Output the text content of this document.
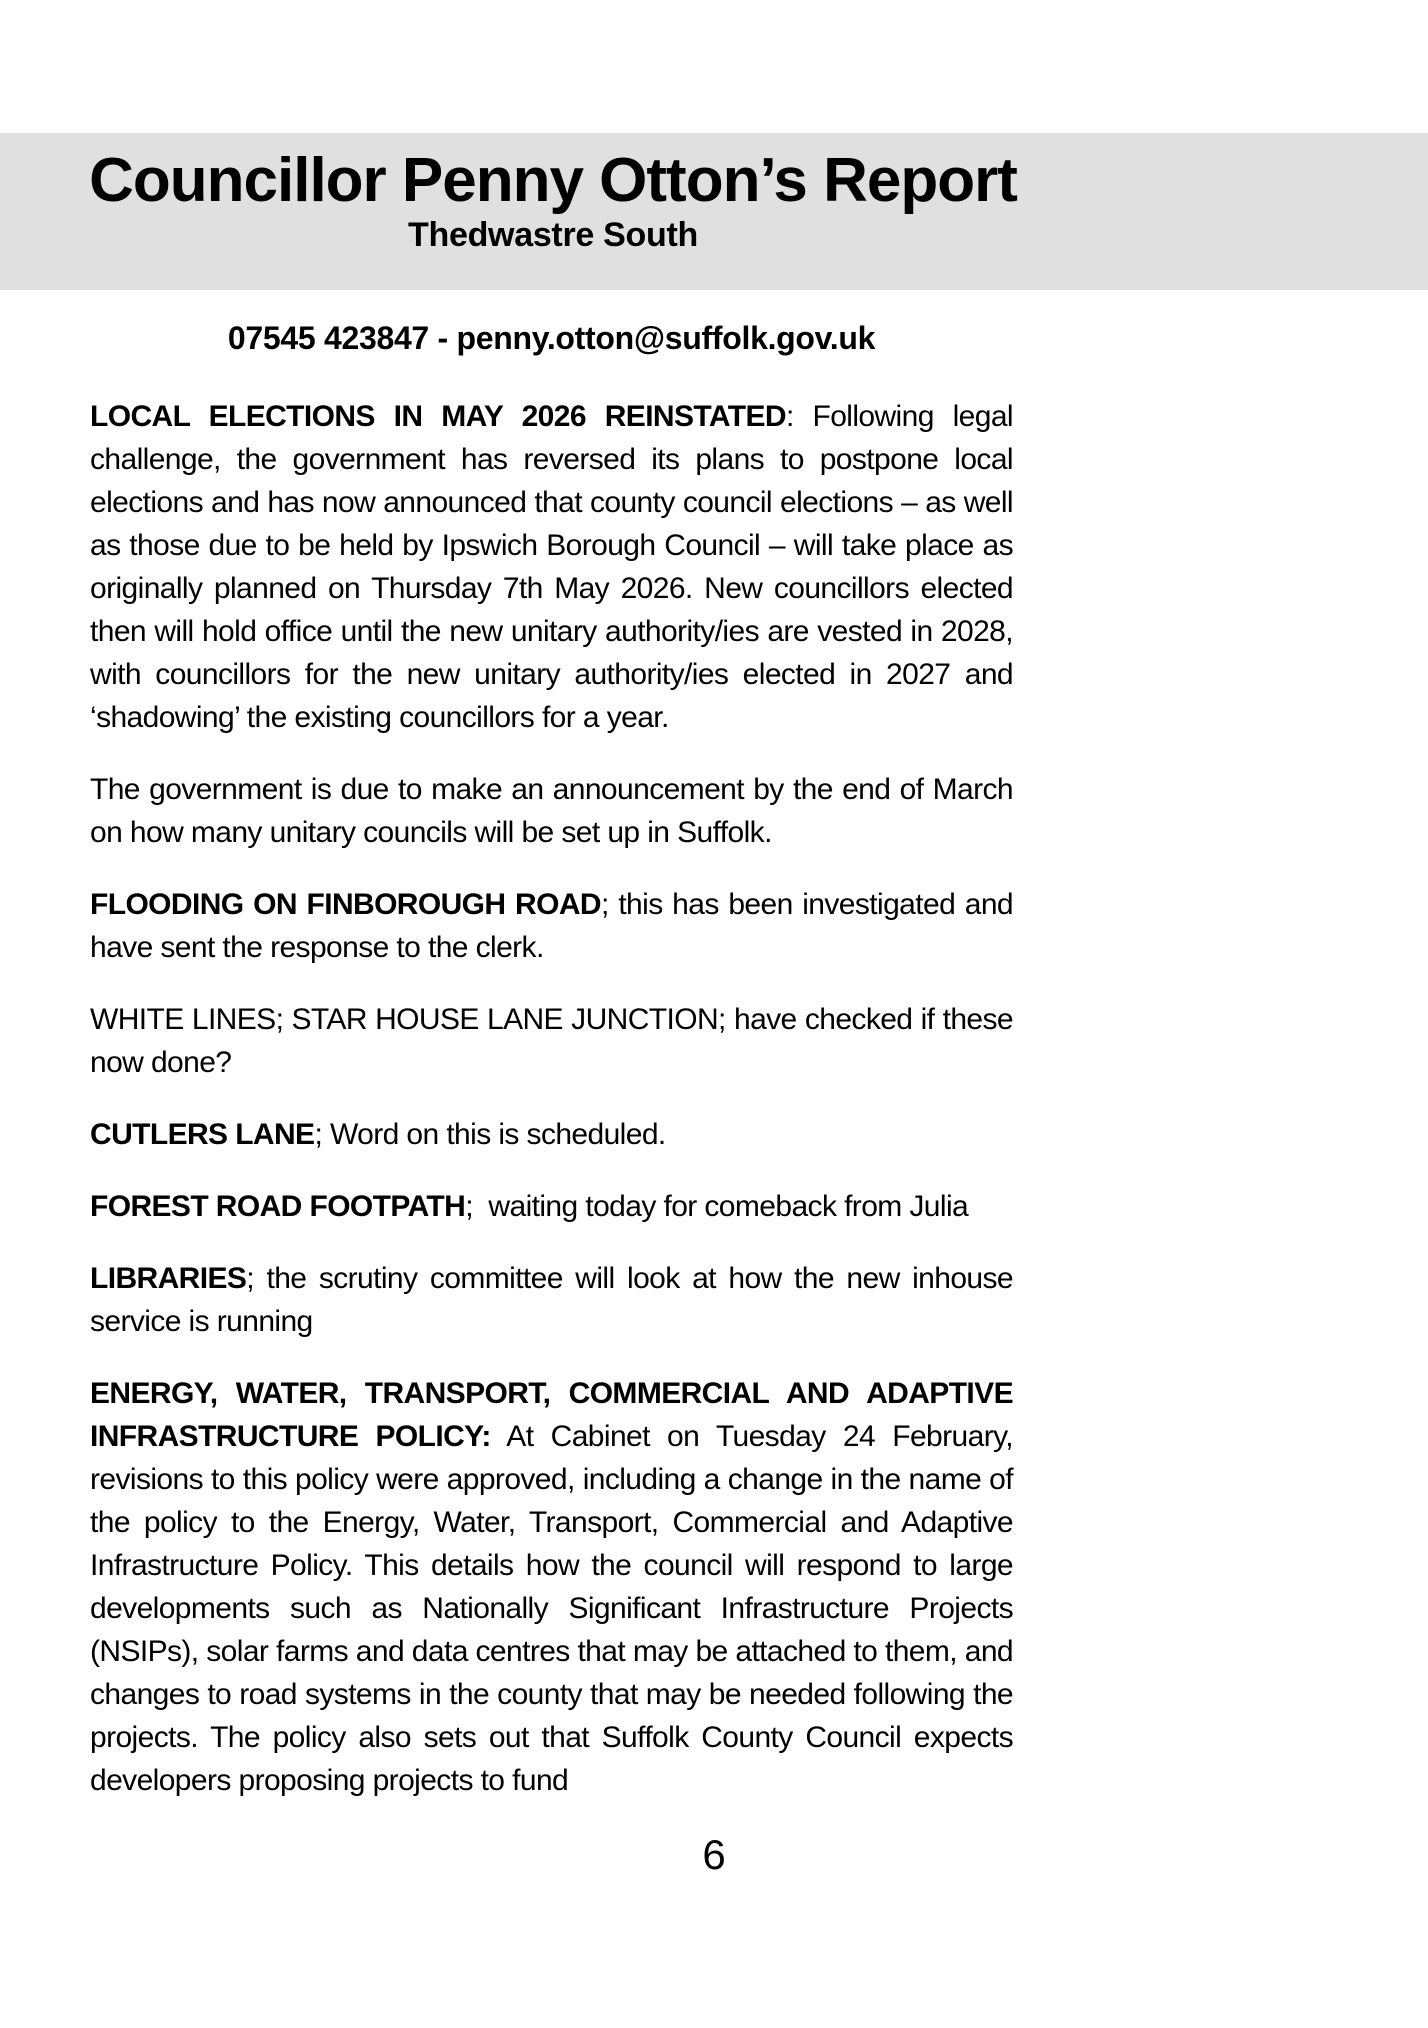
Councillor Penny Otton’s Report
Thedwastre South
07545 423847 - penny.otton@suffolk.gov.uk

LOCAL ELECTIONS IN MAY 2026 REINSTATED: Following legal challenge, the government has reversed its plans to postpone local elections and has now announced that county council elections – as well as those due to be held by Ipswich Borough Council – will take place as originally planned on Thursday 7th May 2026. New councillors elected then will hold office until the new unitary authority/ies are vested in 2028, with councillors for the new unitary authority/ies elected in 2027 and ‘shadowing’ the existing councillors for a year.

The government is due to make an announcement by the end of March on how many unitary councils will be set up in Suffolk.

FLOODING ON FINBOROUGH ROAD; this has been investigated and have sent the response to the clerk.

WHITE LINES; STAR HOUSE LANE JUNCTION; have checked if these now done?

CUTLERS LANE; Word on this is scheduled.

FOREST ROAD FOOTPATH;  waiting today for comeback from Julia

LIBRARIES; the scrutiny committee will look at how the new inhouse service is running

ENERGY, WATER, TRANSPORT, COMMERCIAL AND ADAPTIVE INFRASTRUCTURE POLICY: At Cabinet on Tuesday 24 February, revisions to this policy were approved, including a change in the name of the policy to the Energy, Water, Transport, Commercial and Adaptive Infrastructure Policy. This details how the council will respond to large developments such as Nationally Significant Infrastructure Projects (NSIPs), solar farms and data centres that may be attached to them, and changes to road systems in the county that may be needed following the projects. The policy also sets out that Suffolk County Council expects developers proposing projects to fund

6
